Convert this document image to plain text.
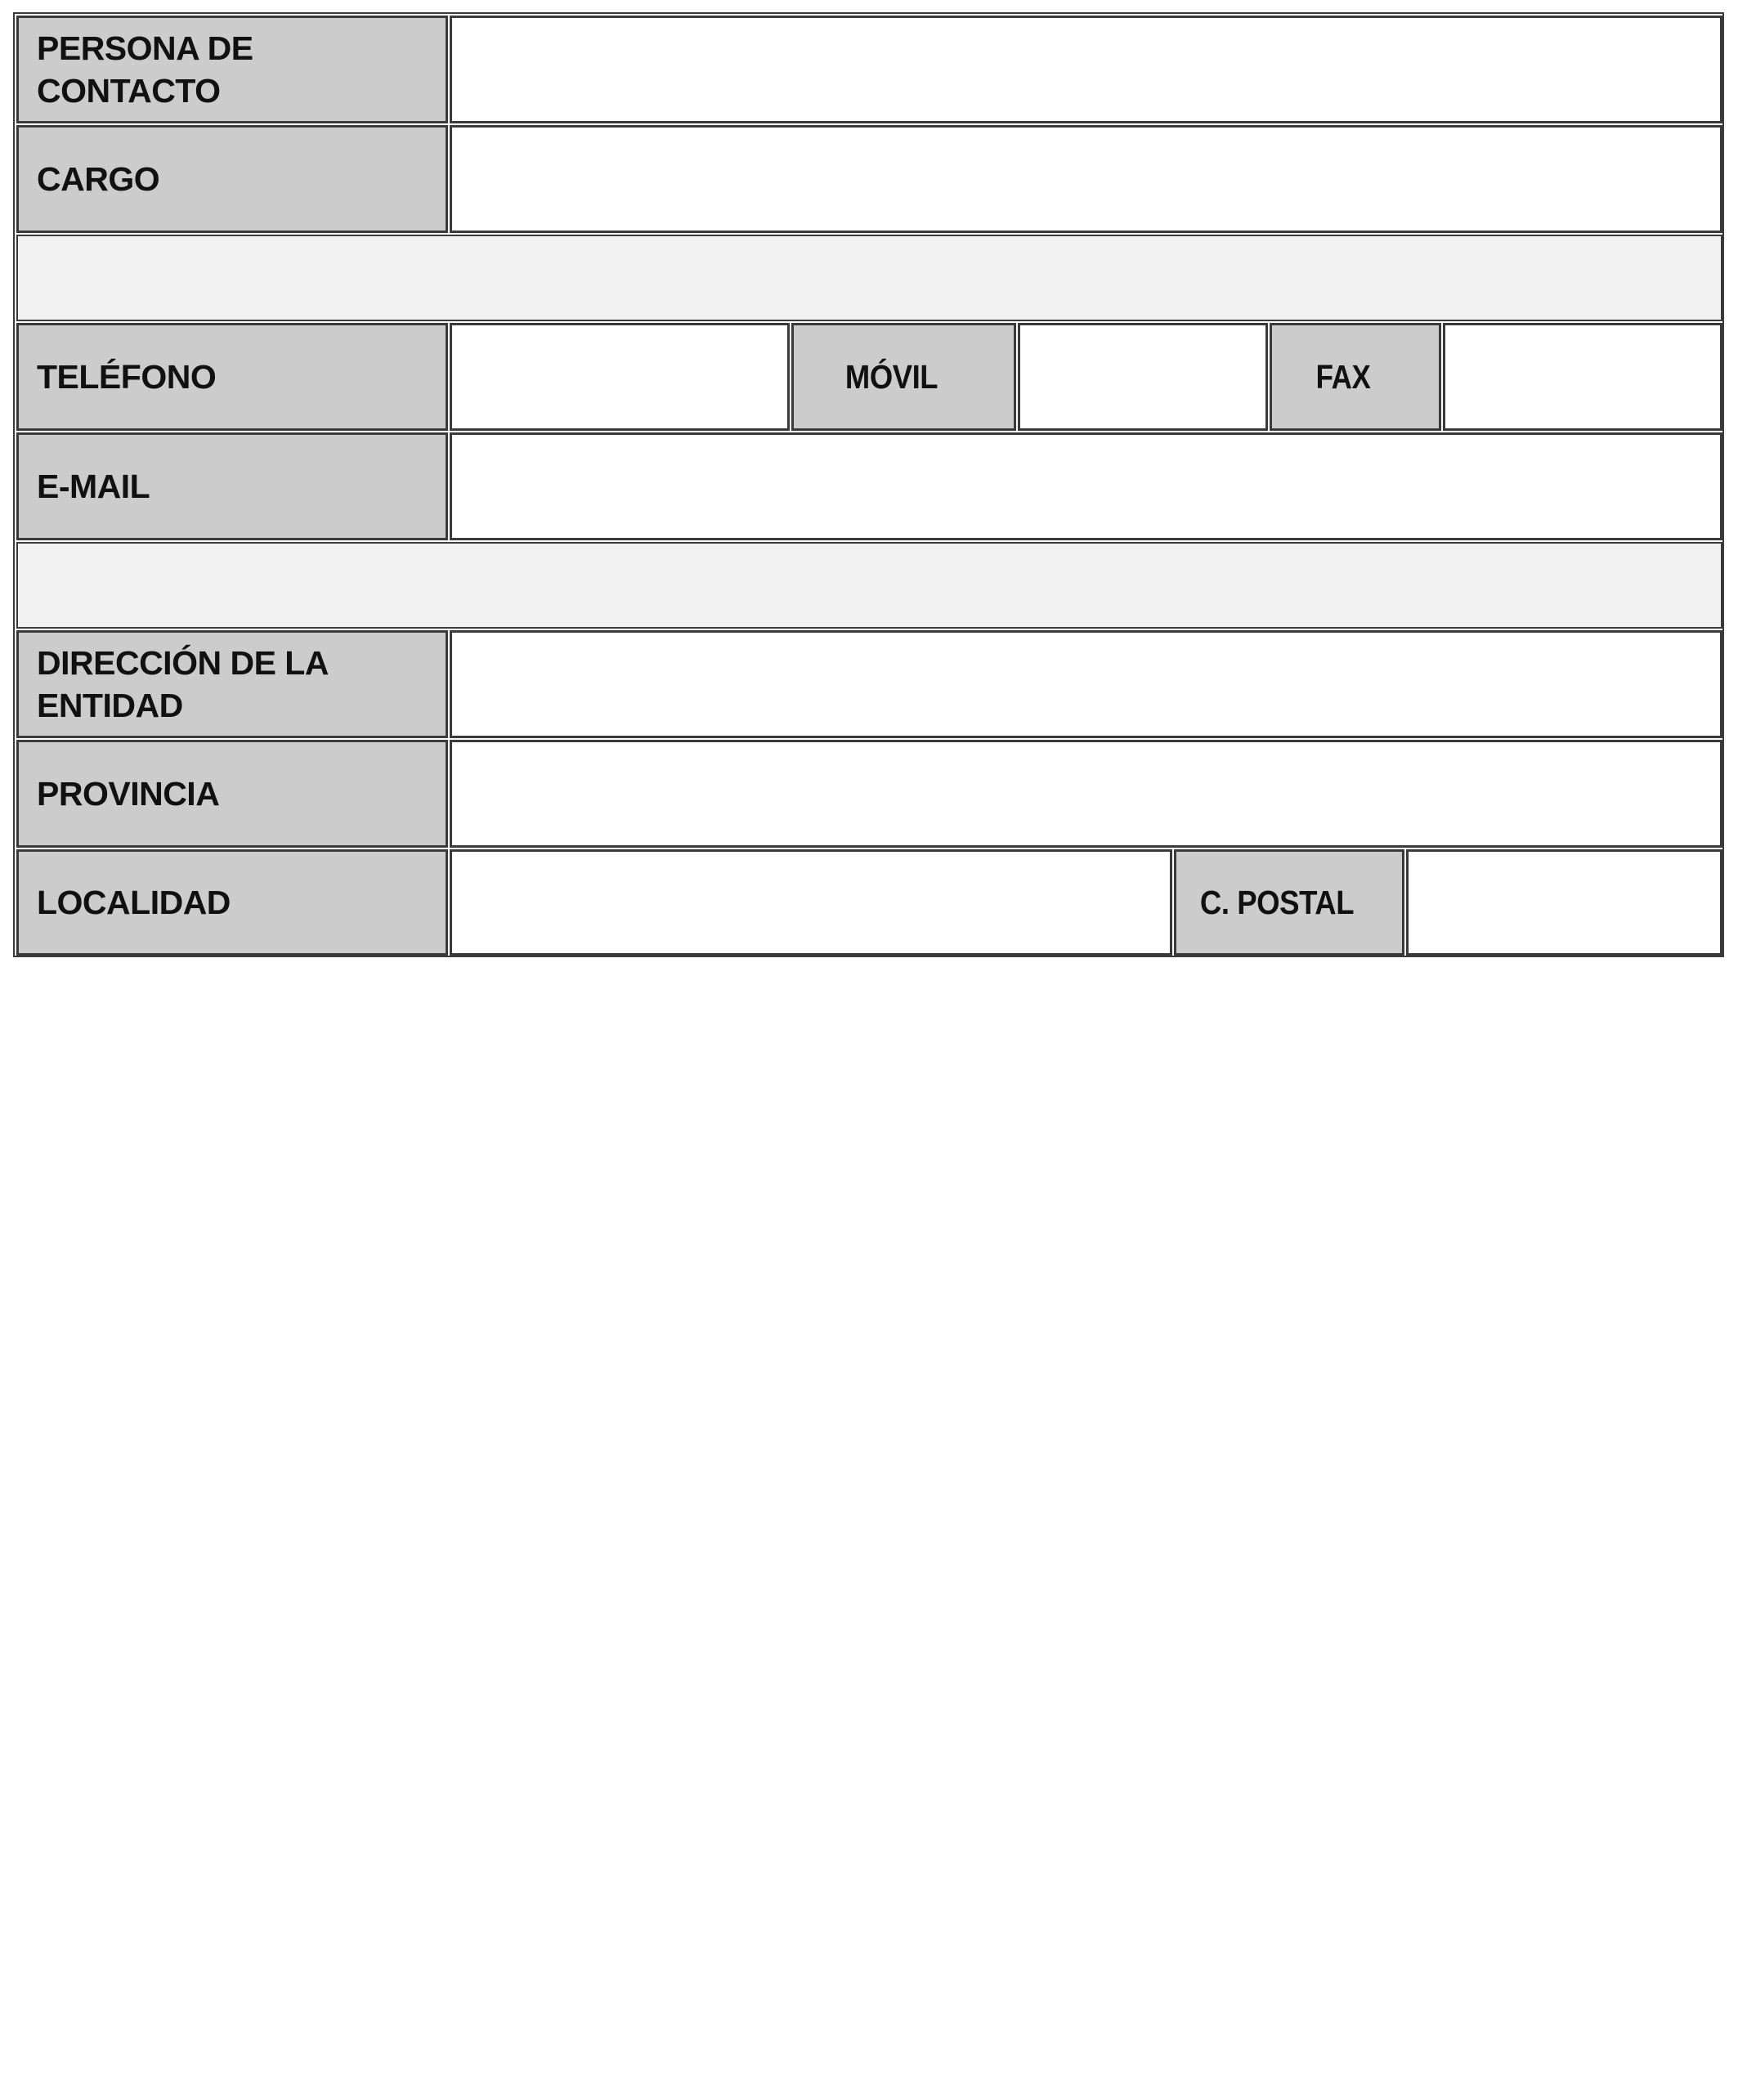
PERSONA DE CONTACTO
CARGO
TELÉFONO	MÓVIL	FAX
E-MAIL
DIRECCIÓN DE LA ENTIDAD
PROVINCIA
LOCALIDAD	C. POSTAL
